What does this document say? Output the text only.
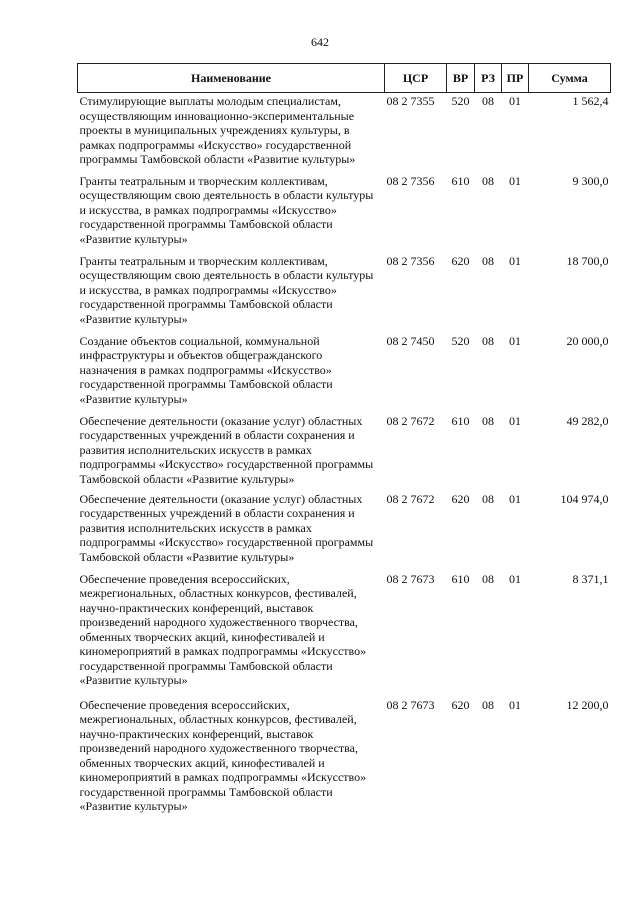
642
Наименование	ЦСР	ВР	РЗ	ПР	Сумма
Стимулирующие выплаты молодым специалистам, осуществляющим инновационно-экспериментальные проекты в муниципальных учреждениях культуры, в рамках подпрограммы «Искусство» государственной программы Тамбовской области «Развитие культуры»	08 2 7355	520	08	01	1 562,4
Гранты театральным и творческим коллективам, осуществляющим свою деятельность в области культуры и искусства, в рамках подпрограммы «Искусство» государственной программы Тамбовской области «Развитие культуры»	08 2 7356	610	08	01	9 300,0
Гранты театральным и творческим коллективам, осуществляющим свою деятельность в области культуры и искусства, в рамках подпрограммы «Искусство» государственной программы Тамбовской области «Развитие культуры»	08 2 7356	620	08	01	18 700,0
Создание объектов социальной, коммунальной инфраструктуры и объектов общегражданского назначения в рамках подпрограммы «Искусство» государственной программы Тамбовской области «Развитие культуры»	08 2 7450	520	08	01	20 000,0
Обеспечение деятельности (оказание услуг) областных государственных учреждений в области сохранения и развития исполнительских искусств в рамках подпрограммы «Искусство» государственной программы Тамбовской области «Развитие культуры»	08 2 7672	610	08	01	49 282,0
Обеспечение деятельности (оказание услуг) областных государственных учреждений в области сохранения и развития исполнительских искусств в рамках подпрограммы «Искусство» государственной программы Тамбовской области «Развитие культуры»	08 2 7672	620	08	01	104 974,0
Обеспечение проведения всероссийских, межрегиональных, областных конкурсов, фестивалей, научно-практических конференций, выставок произведений народного художественного творчества, обменных творческих акций, кинофестивалей и киномероприятий в рамках подпрограммы «Искусство» государственной программы Тамбовской области «Развитие культуры»	08 2 7673	610	08	01	8 371,1
Обеспечение проведения всероссийских, межрегиональных, областных конкурсов, фестивалей, научно-практических конференций, выставок произведений народного художественного творчества, обменных творческих акций, кинофестивалей и киномероприятий в рамках подпрограммы «Искусство» государственной программы Тамбовской области «Развитие культуры»	08 2 7673	620	08	01	12 200,0
